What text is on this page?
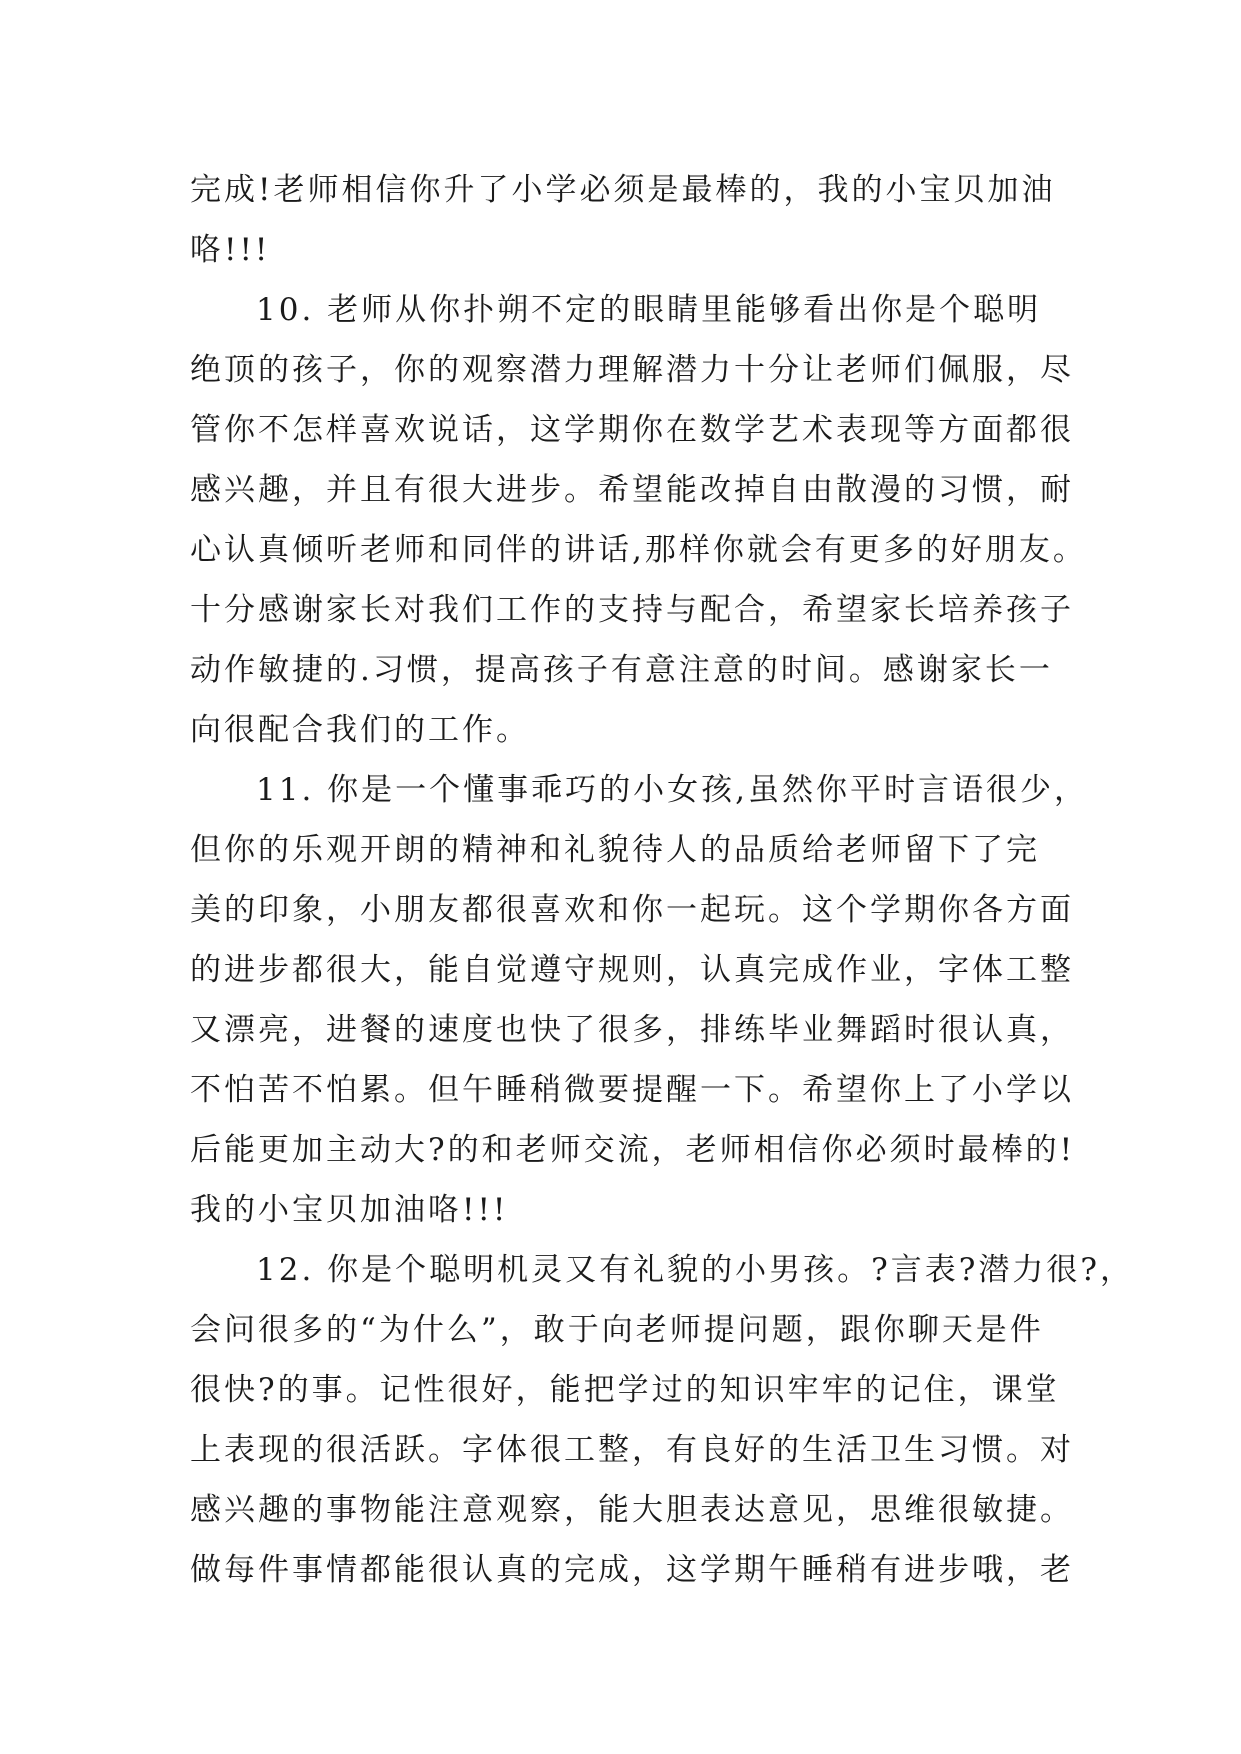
完成!老师相信你升了小学必须是最棒的，我的小宝贝加油
咯!!!
10. 老师从你扑朔不定的眼睛里能够看出你是个聪明
绝顶的孩子，你的观察潜力理解潜力十分让老师们佩服，尽
管你不怎样喜欢说话，这学期你在数学艺术表现等方面都很
感兴趣，并且有很大进步。希望能改掉自由散漫的习惯，耐
心认真倾听老师和同伴的讲话,那样你就会有更多的好朋友。
十分感谢家长对我们工作的支持与配合，希望家长培养孩子
动作敏捷的.习惯，提高孩子有意注意的时间。感谢家长一
向很配合我们的工作。
11. 你是一个懂事乖巧的小女孩,虽然你平时言语很少，
但你的乐观开朗的精神和礼貌待人的品质给老师留下了完
美的印象，小朋友都很喜欢和你一起玩。这个学期你各方面
的进步都很大，能自觉遵守规则，认真完成作业，字体工整
又漂亮，进餐的速度也快了很多，排练毕业舞蹈时很认真，
不怕苦不怕累。但午睡稍微要提醒一下。希望你上了小学以
后能更加主动大?的和老师交流，老师相信你必须时最棒的!
我的小宝贝加油咯!!!
12. 你是个聪明机灵又有礼貌的小男孩。?言表?潜力很?，
会问很多的“为什么”，敢于向老师提问题，跟你聊天是件
很快?的事。记性很好，能把学过的知识牢牢的记住，课堂
上表现的很活跃。字体很工整，有良好的生活卫生习惯。对
感兴趣的事物能注意观察，能大胆表达意见，思维很敏捷。
做每件事情都能很认真的完成，这学期午睡稍有进步哦，老
